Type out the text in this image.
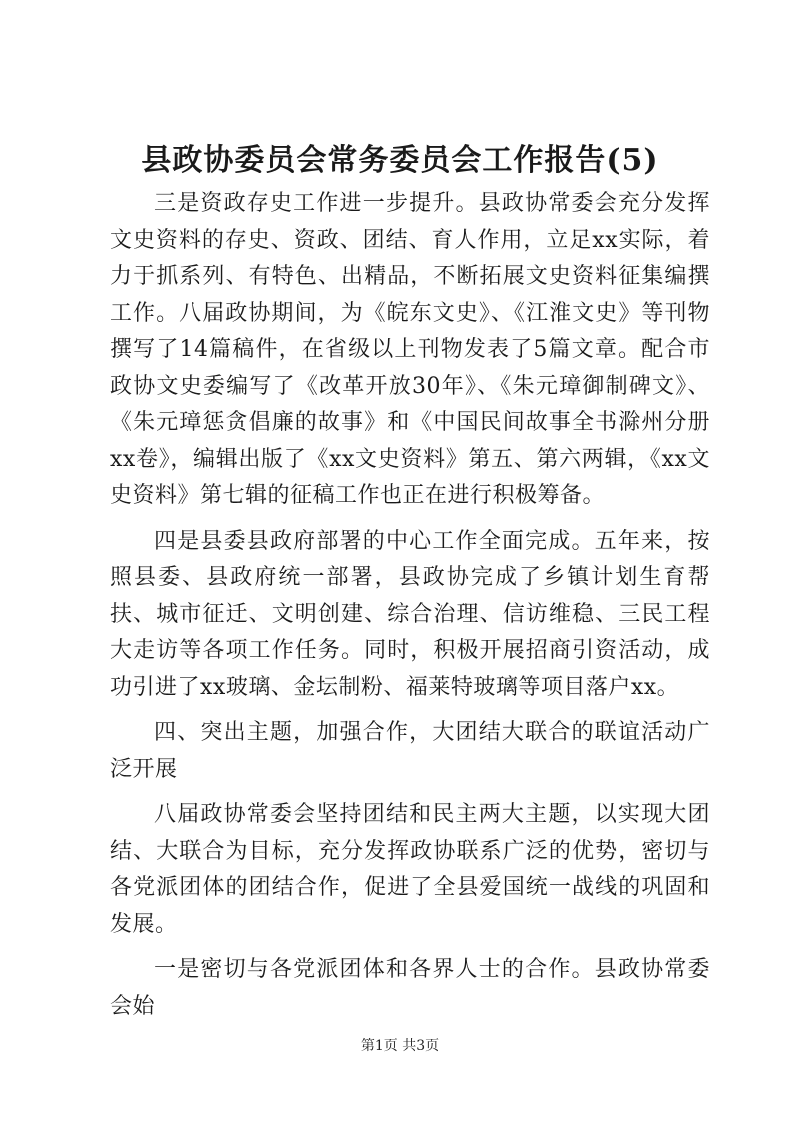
县政协委员会常务委员会工作报告(5)

三是资政存史工作进一步提升。县政协常委会充分发挥文史资料的存史、资政、团结、育人作用，立足xx实际，着力于抓系列、有特色、出精品，不断拓展文史资料征集编撰工作。八届政协期间，为《皖东文史》、《江淮文史》等刊物撰写了14篇稿件，在省级以上刊物发表了5篇文章。配合市政协文史委编写了《改革开放30年》、《朱元璋御制碑文》、《朱元璋惩贪倡廉的故事》和《中国民间故事全书滁州分册xx卷》，编辑出版了《xx文史资料》第五、第六两辑，《xx文史资料》第七辑的征稿工作也正在进行积极筹备。

四是县委县政府部署的中心工作全面完成。五年来，按照县委、县政府统一部署，县政协完成了乡镇计划生育帮扶、城市征迁、文明创建、综合治理、信访维稳、三民工程大走访等各项工作任务。同时，积极开展招商引资活动，成功引进了xx玻璃、金坛制粉、福莱特玻璃等项目落户xx。

四、突出主题，加强合作，大团结大联合的联谊活动广泛开展

八届政协常委会坚持团结和民主两大主题，以实现大团结、大联合为目标，充分发挥政协联系广泛的优势，密切与各党派团体的团结合作，促进了全县爱国统一战线的巩固和发展。

一是密切与各党派团体和各界人士的合作。县政协常委会始

第1页 共3页
